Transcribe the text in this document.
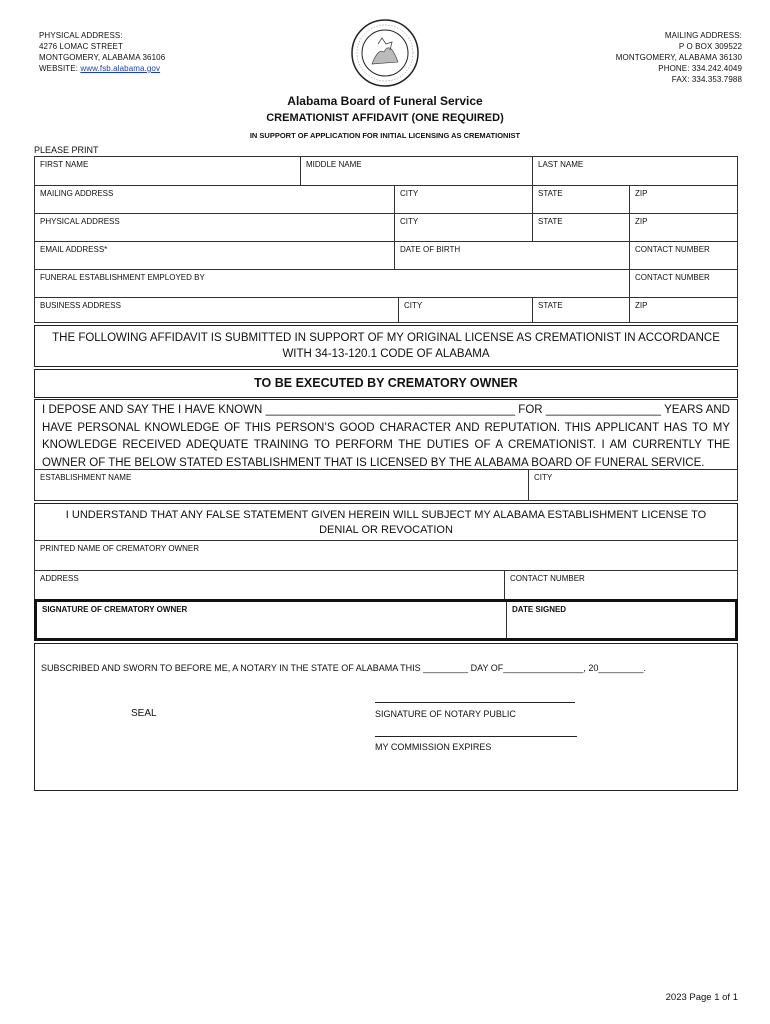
PHYSICAL ADDRESS:
4276 LOMAC STREET
MONTGOMERY, ALABAMA 36106
WEBSITE: www.fsb.alabama.gov
MAILING ADDRESS:
P O BOX 309522
MONTGOMERY, ALABAMA 36130
PHONE: 334.242.4049
FAX: 334.353.7988
Alabama Board of Funeral Service
CREMATIONIST AFFIDAVIT (ONE REQUIRED)
IN SUPPORT OF APPLICATION FOR INITIAL LICENSING AS CREMATIONIST
PLEASE PRINT
FIRST NAME	MIDDLE NAME	LAST NAME
MAILING ADDRESS	CITY	STATE	ZIP
PHYSICAL ADDRESS	CITY	STATE	ZIP
EMAIL ADDRESS*	DATE OF BIRTH	CONTACT NUMBER
FUNERAL ESTABLISHMENT EMPLOYED BY	CONTACT NUMBER
BUSINESS ADDRESS	CITY	STATE	ZIP
THE FOLLOWING AFFIDAVIT IS SUBMITTED IN SUPPORT OF MY ORIGINAL LICENSE AS CREMATIONIST IN ACCORDANCE WITH 34-13-120.1 CODE OF ALABAMA
TO BE EXECUTED BY CREMATORY OWNER
I DEPOSE AND SAY THE I HAVE KNOWN _______________________________________ FOR __________________ YEARS AND HAVE PERSONAL KNOWLEDGE OF THIS PERSON’S GOOD CHARACTER AND REPUTATION. THIS APPLICANT HAS TO MY KNOWLEDGE RECEIVED ADEQUATE TRAINING TO PERFORM THE DUTIES OF A CREMATIONIST. I AM CURRENTLY THE OWNER OF THE BELOW STATED ESTABLISHMENT THAT IS LICENSED BY THE ALABAMA BOARD OF FUNERAL SERVICE.
ESTABLISHMENT NAME	CITY
I UNDERSTAND THAT ANY FALSE STATEMENT GIVEN HEREIN WILL SUBJECT MY ALABAMA ESTABLISHMENT LICENSE TO DENIAL OR REVOCATION
PRINTED NAME OF CREMATORY OWNER
ADDRESS	CONTACT NUMBER
SIGNATURE OF CREMATORY OWNER	DATE SIGNED
SUBSCRIBED AND SWORN TO BEFORE ME, A NOTARY IN THE STATE OF ALABAMA THIS _________ DAY OF________________, 20_________.
SEAL	SIGNATURE OF NOTARY PUBLIC
MY COMMISSION EXPIRES
2023 Page 1 of 1
